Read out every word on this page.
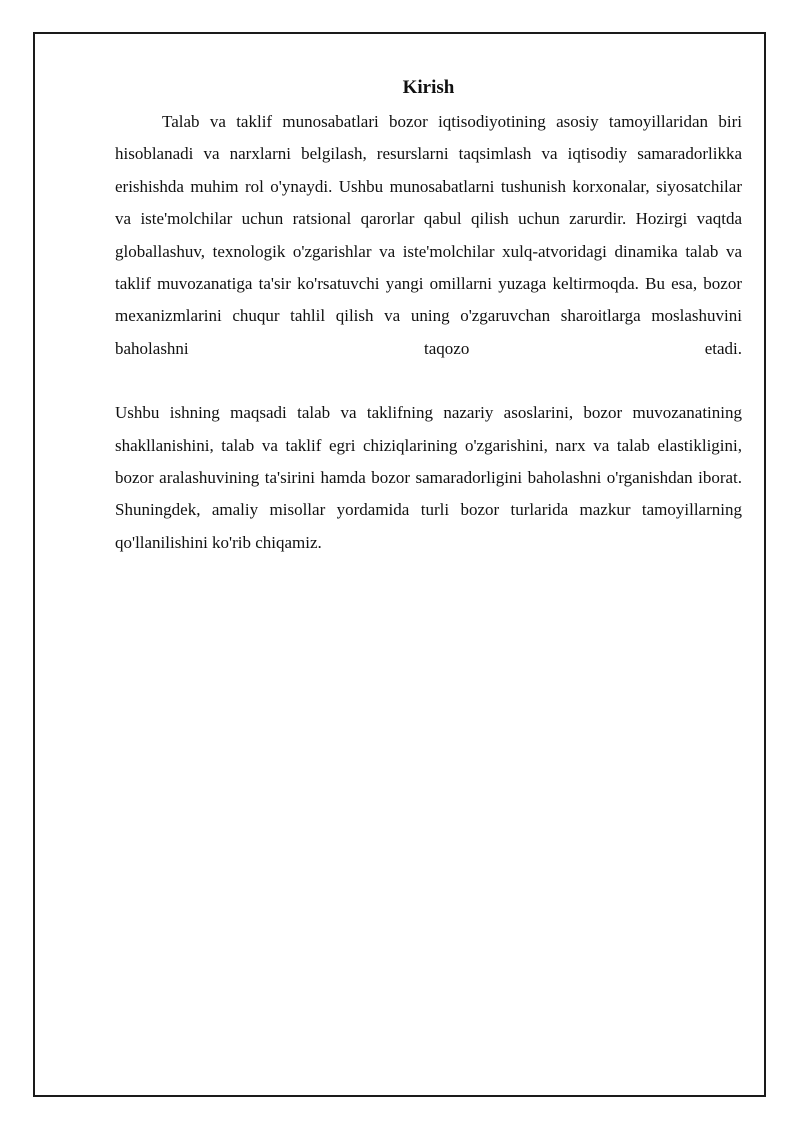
Kirish

Talab va taklif munosabatlari bozor iqtisodiyotining asosiy tamoyillaridan biri hisoblanadi va narxlarni belgilash, resurslarni taqsimlash va iqtisodiy samaradorlikka erishishda muhim rol o'ynaydi. Ushbu munosabatlarni tushunish korxonalar, siyosatchilar va iste'molchilar uchun ratsional qarorlar qabul qilish uchun zarurdir. Hozirgi vaqtda globallashuv, texnologik o'zgarishlar va iste'molchilar xulq-atvoridagi dinamika talab va taklif muvozanatiga ta'sir ko'rsatuvchi yangi omillarni yuzaga keltirmoqda. Bu esa, bozor mexanizmlarini chuqur tahlil qilish va uning o'zgaruvchan sharoitlarga moslashuvini baholashni taqozo etadi.

Ushbu ishning maqsadi talab va taklifning nazariy asoslarini, bozor muvozanatining shakllanishini, talab va taklif egri chiziqlarining o'zgarishini, narx va talab elastikligini, bozor aralashuvining ta'sirini hamda bozor samaradorligini baholashni o'rganishdan iborat. Shuningdek, amaliy misollar yordamida turli bozor turlarida mazkur tamoyillarning qo'llanilishini ko'rib chiqamiz.
